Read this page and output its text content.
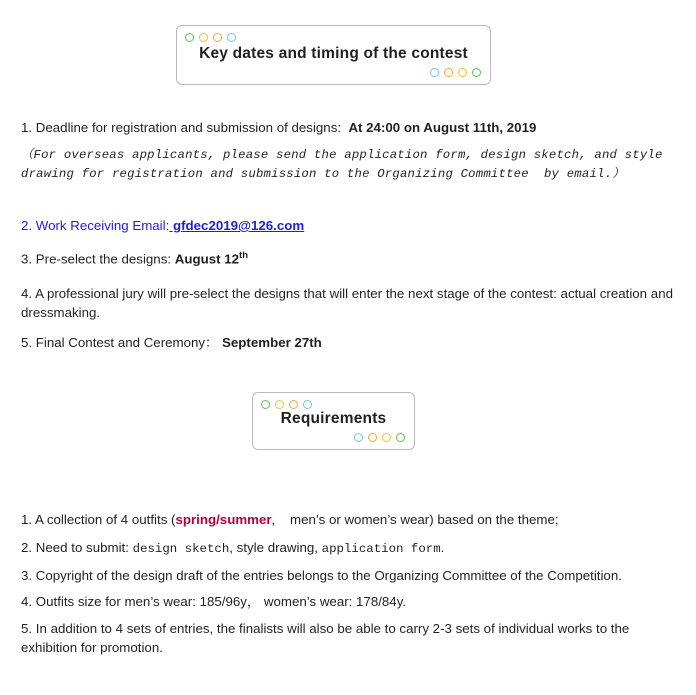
Key dates and timing of the contest
1. Deadline for registration and submission of designs: At 24:00 on August 11th, 2019
（For overseas applicants, please send the application form, design sketch, and style drawing for registration and submission to the Organizing Committee  by email.）
2. Work Receiving Email: gfdec2019@126.com
3. Pre-select the designs: August 12th
4. A professional jury will pre-select the designs that will enter the next stage of the contest: actual creation and dressmaking.
5. Final Contest and Ceremony： September 27th
Requirements
1. A collection of 4 outfits (spring/summer,    men’s or women’s wear) based on the theme;
2. Need to submit: design sketch, style drawing, application form.
3. Copyright of the design draft of the entries belongs to the Organizing Committee of the Competition.
4. Outfits size for men’s wear: 185/96y， women’s wear: 178/84y.
5. In addition to 4 sets of entries, the finalists will also be able to carry 2-3 sets of individual works to the exhibition for promotion.
